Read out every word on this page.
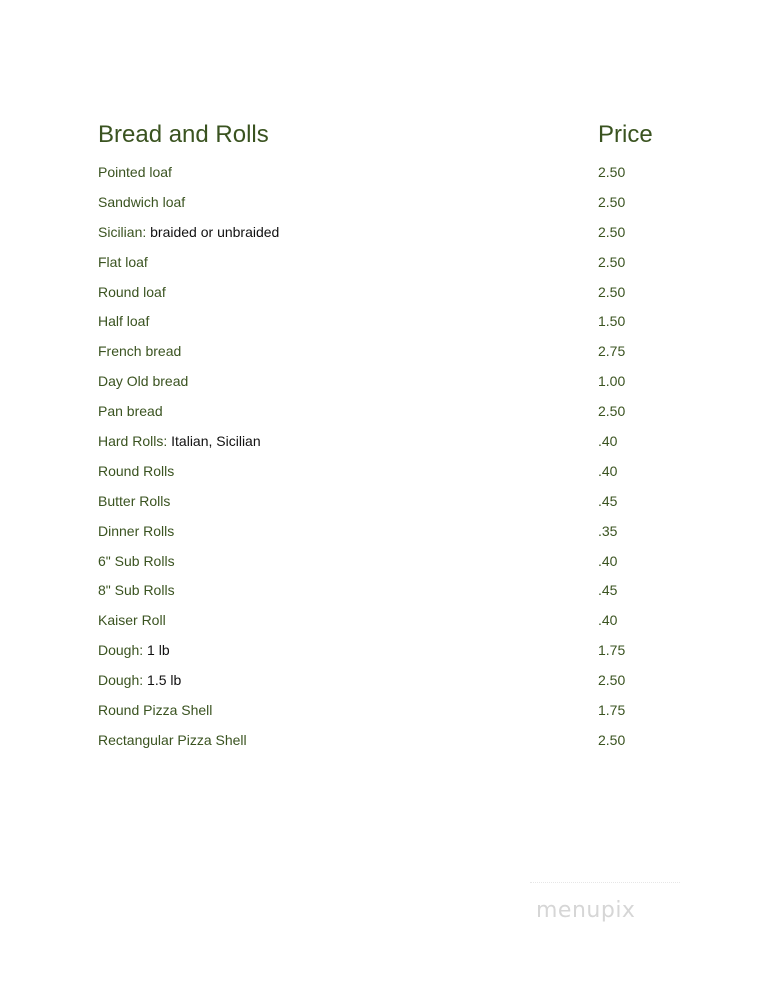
Bread and Rolls	Price
Pointed loaf	2.50
Sandwich loaf	2.50
Sicilian: braided or unbraided	2.50
Flat loaf	2.50
Round loaf	2.50
Half loaf	1.50
French bread	2.75
Day Old bread	1.00
Pan bread	2.50
Hard Rolls: Italian, Sicilian	.40
Round Rolls	.40
Butter Rolls	.45
Dinner Rolls	.35
6" Sub Rolls	.40
8" Sub Rolls	.45
Kaiser Roll	.40
Dough: 1 lb	1.75
Dough: 1.5 lb	2.50
Round Pizza Shell	1.75
Rectangular Pizza Shell	2.50
menupix
